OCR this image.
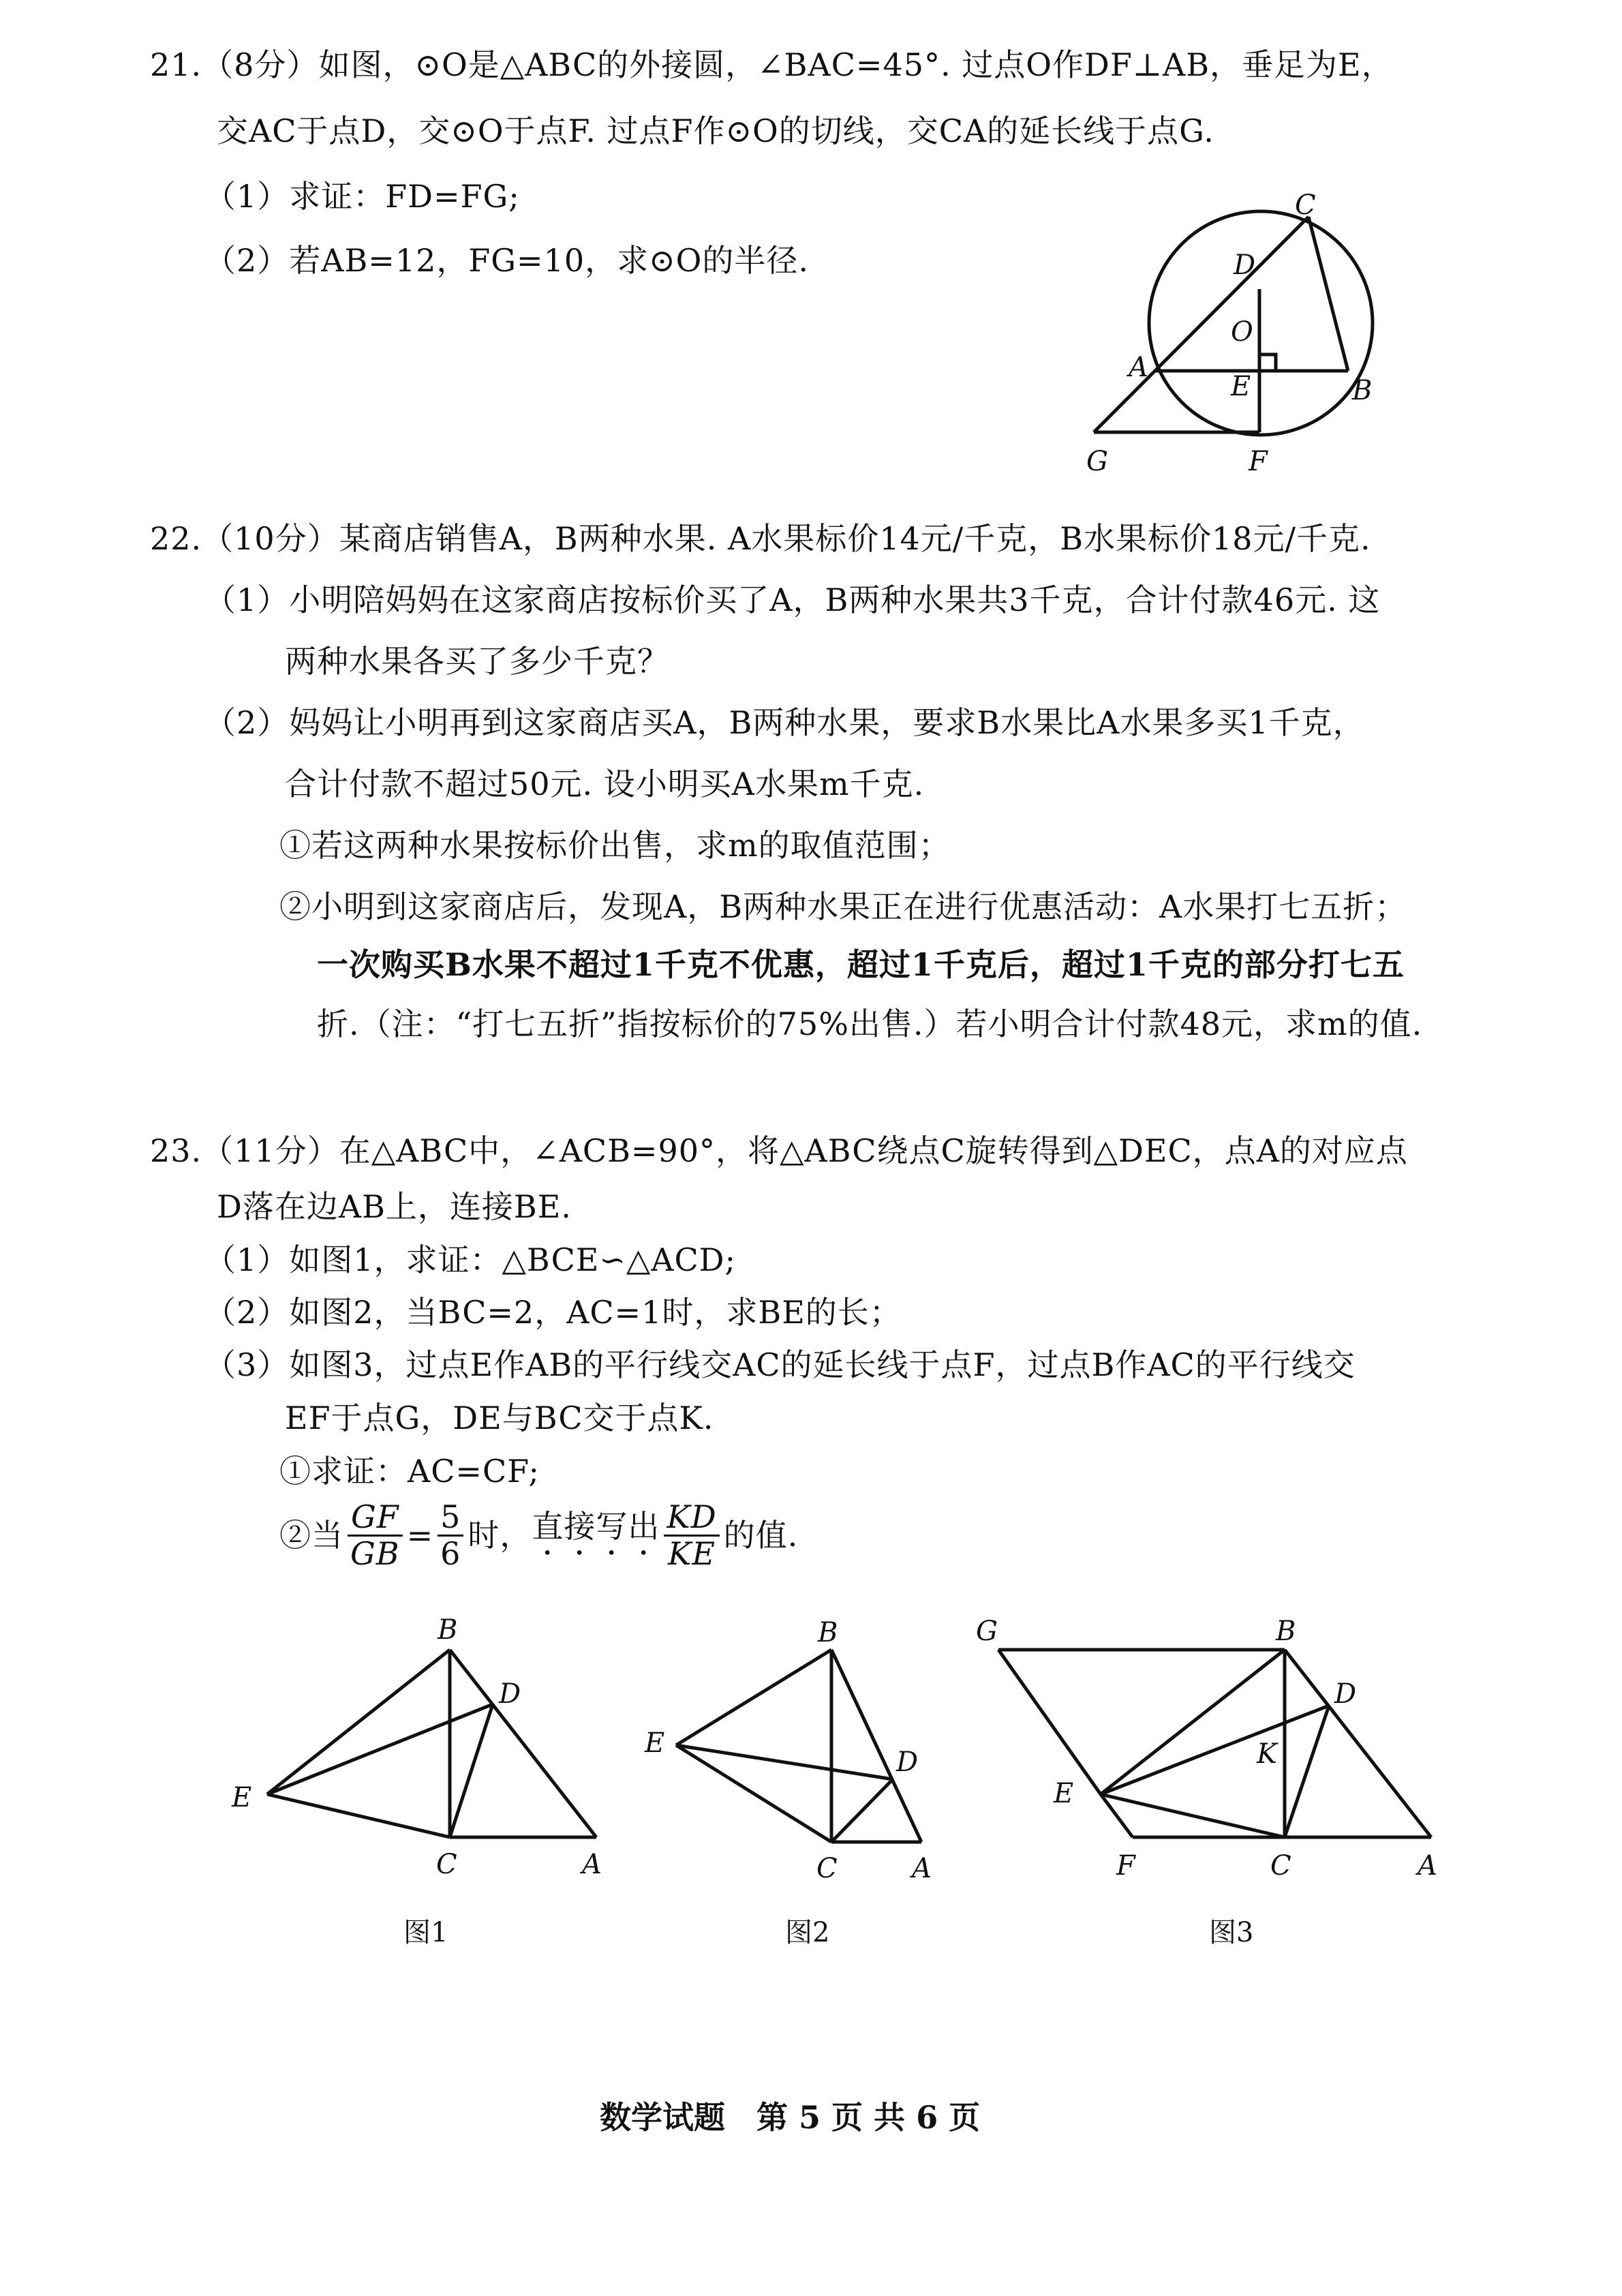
21.（8分）如图，⊙O是△ABC的外接圆，∠BAC=45°. 过点O作DF⊥AB，垂足为E，
交AC于点D，交⊙O于点F. 过点F作⊙O的切线，交CA的延长线于点G.
（1）求证：FD=FG;
（2）若AB=12，FG=10，求⊙O的半径.
C
D
O
A
E	B
G	F
22.（10分）某商店销售A，B两种水果. A水果标价14元/千克，B水果标价18元/千克.
（1）小明陪妈妈在这家商店按标价买了A，B两种水果共3千克，合计付款46元. 这
两种水果各买了多少千克？
（2）妈妈让小明再到这家商店买A，B两种水果，要求B水果比A水果多买1千克，
合计付款不超过50元. 设小明买A水果m千克.
①若这两种水果按标价出售，求m的取值范围；
②小明到这家商店后，发现A，B两种水果正在进行优惠活动：A水果打七五折；
一次购买B水果不超过1千克不优惠，超过1千克后，超过1千克的部分打七五
折.（注：“打七五折”指按标价的75%出售.）若小明合计付款48元，求m的值.
23.（11分）在△ABC中，∠ACB=90°，将△ABC绕点C旋转得到△DEC，点A的对应点
D落在边AB上，连接BE.
（1）如图1，求证：△BCE∽△ACD;
（2）如图2，当BC=2，AC=1时，求BE的长；
（3）如图3，过点E作AB的平行线交AC的延长线于点F，过点B作AC的平行线交
EF于点G，DE与BC交于点K.
①求证：AC=CF;
②当 $\frac{GF}{GB} = \frac{5}{6}$ 时，直接写出 $\frac{KD}{KE}$ 的值.
B
D
E
C	A
图1
B
E
D
C	A
图2
G	B
D
K
E
F	C	A
图3
数学试题　第 5 页 共 6 页
